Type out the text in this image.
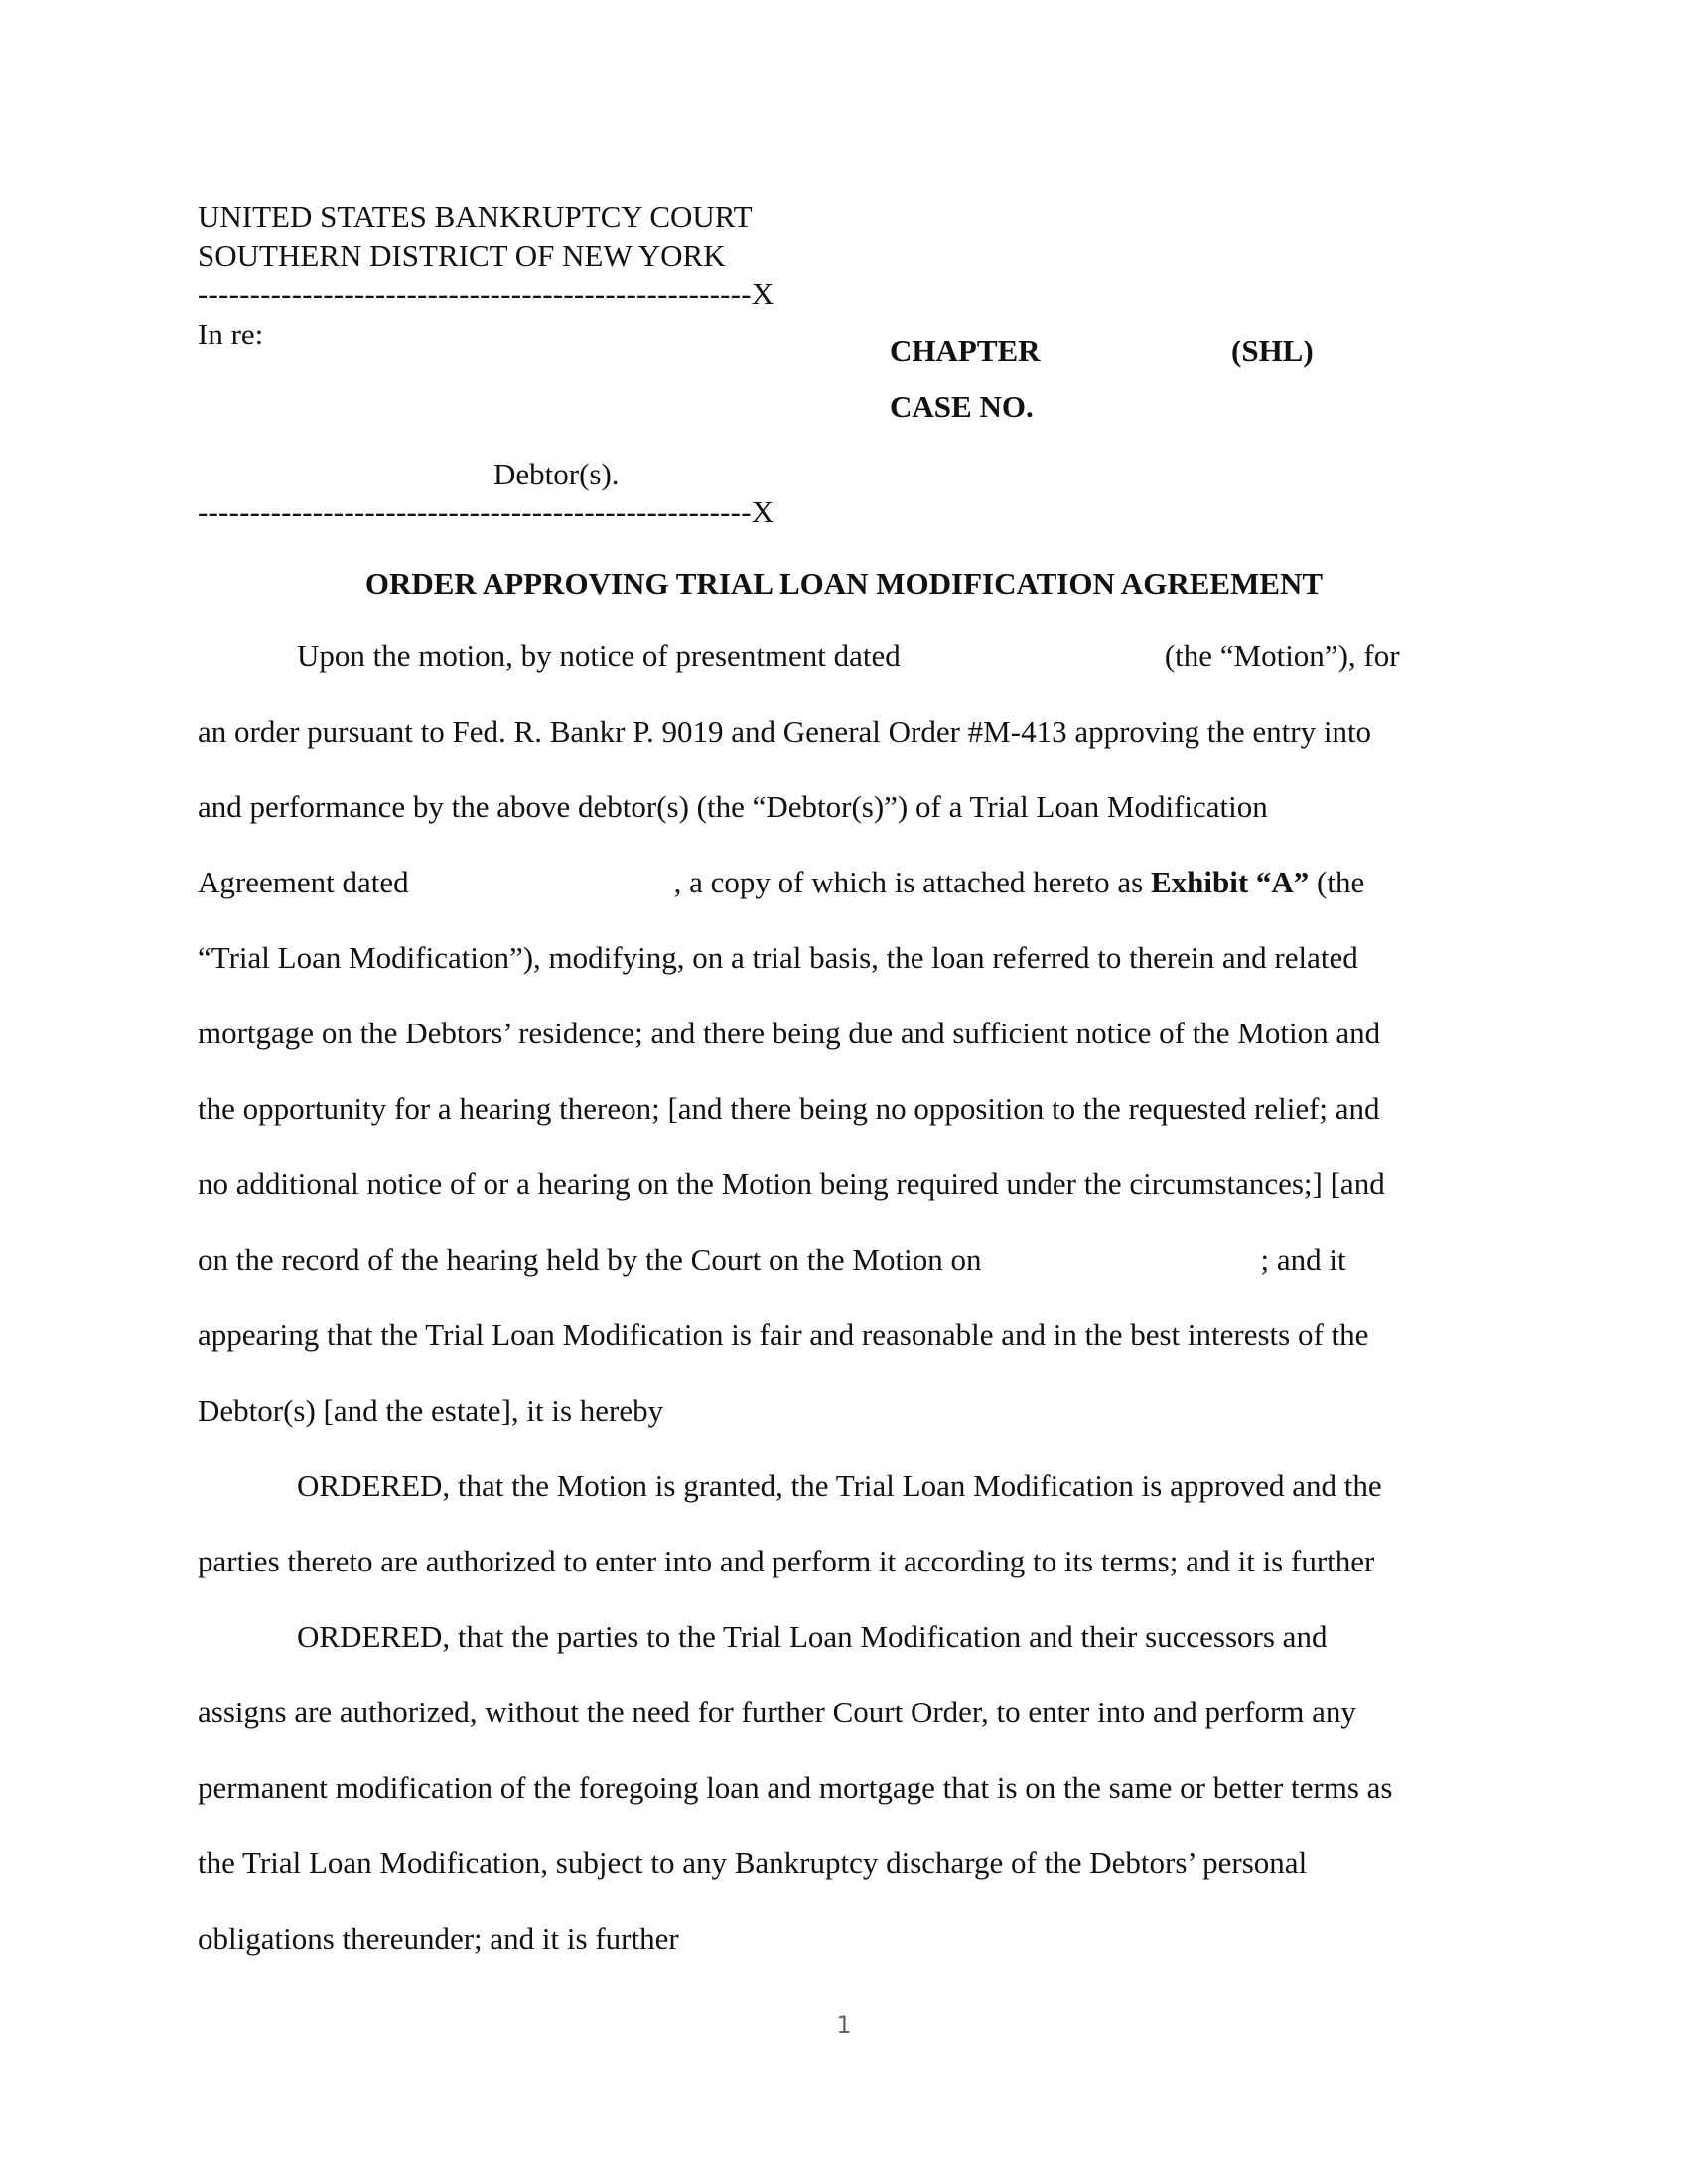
UNITED STATES BANKRUPTCY COURT
SOUTHERN DISTRICT OF NEW YORK
-----------------------------------------------------X
In re:	CHAPTER	(SHL)
CASE NO.
Debtor(s).
-----------------------------------------------------X
ORDER APPROVING TRIAL LOAN MODIFICATION AGREEMENT
Upon the motion, by notice of presentment dated	(the “Motion”), for
an order pursuant to Fed. R. Bankr P. 9019 and General Order #M-413 approving the entry into
and performance by the above debtor(s) (the “Debtor(s)”) of a Trial Loan Modification
Agreement dated	, a copy of which is attached hereto as Exhibit “A” (the
“Trial Loan Modification”), modifying, on a trial basis, the loan referred to therein and related
mortgage on the Debtors’ residence; and there being due and sufficient notice of the Motion and
the opportunity for a hearing thereon; [and there being no opposition to the requested relief; and
no additional notice of or a hearing on the Motion being required under the circumstances;] [and
on the record of the hearing held by the Court on the Motion on	; and it
appearing that the Trial Loan Modification is fair and reasonable and in the best interests of the
Debtor(s) [and the estate], it is hereby
ORDERED, that the Motion is granted, the Trial Loan Modification is approved and the
parties thereto are authorized to enter into and perform it according to its terms; and it is further
ORDERED, that the parties to the Trial Loan Modification and their successors and
assigns are authorized, without the need for further Court Order, to enter into and perform any
permanent modification of the foregoing loan and mortgage that is on the same or better terms as
the Trial Loan Modification, subject to any Bankruptcy discharge of the Debtors’ personal
obligations thereunder; and it is further
1
